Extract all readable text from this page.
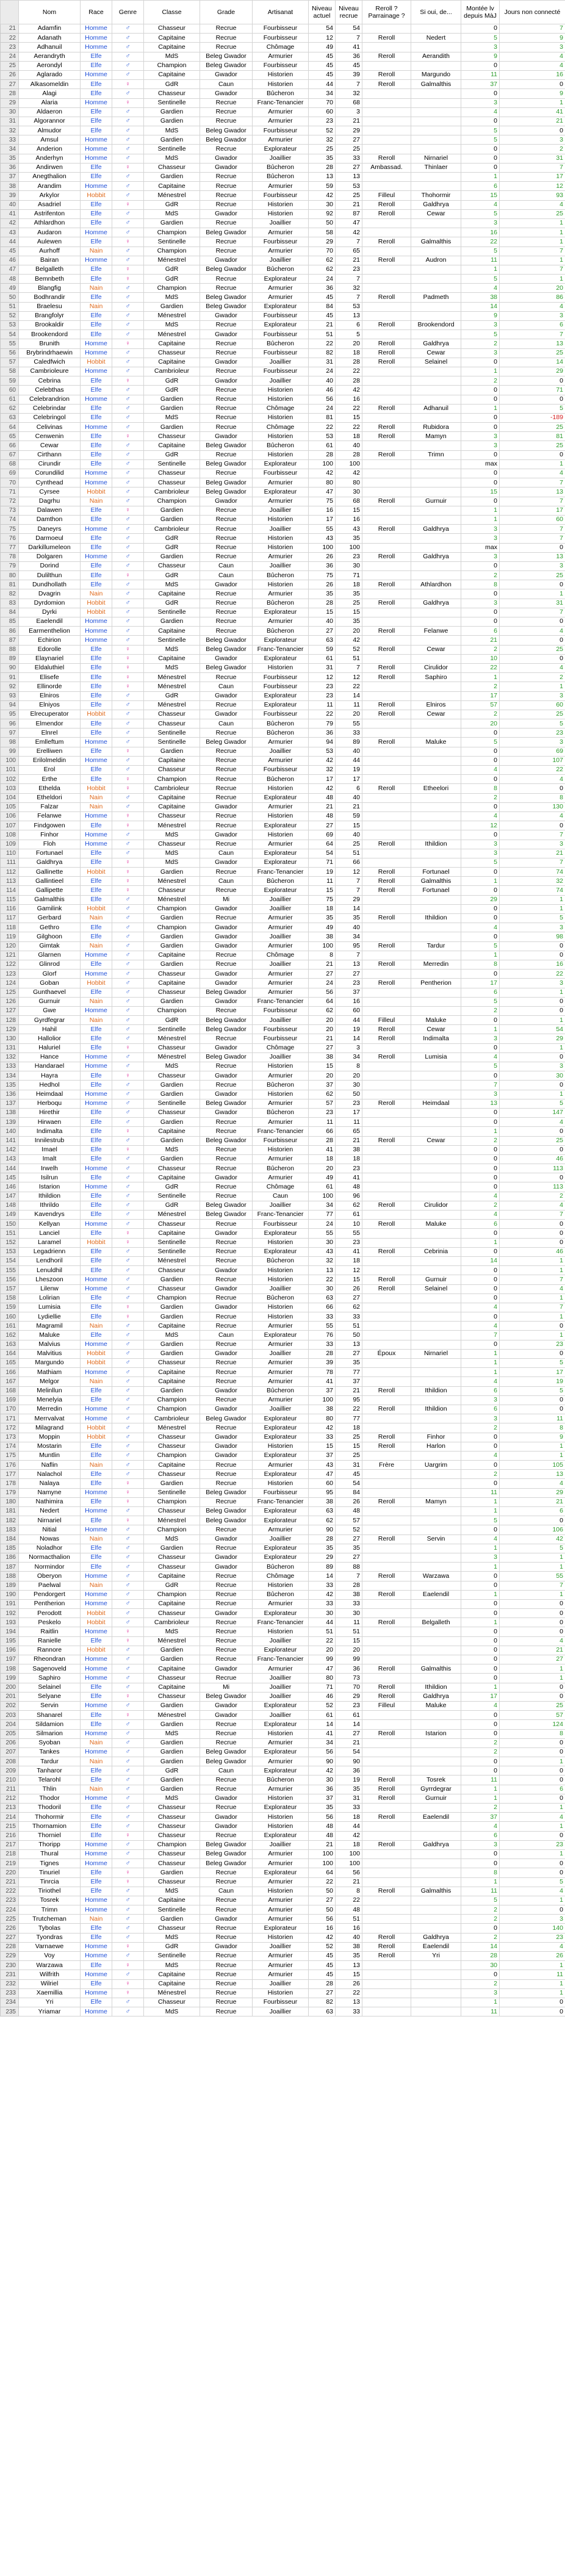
	Nom	Race	Genre	Classe	Grade	Artisanat	Niveau actuel	Niveau recrue	Reroll ? Parrainage ?	Si oui, de...	Montée lv depuis MàJ	Jours non connecté
21	Adamfin	Homme	♂	Chasseur	Recrue	Fourbisseur	54	54			0	7
22	Adanath	Homme	♂	Capitaine	Recrue	Fourbisseur	12	7	Reroll	Nedert	5	9
23	Adhanuil	Homme	♂	Capitaine	Recrue	Chômage	49	41			3	3
24	Aerandryth	Elfe	♂	MdS	Beleg Gwador	Armurier	45	36	Reroll	Aerandith	9	4
25	Aerondyl	Elfe	♂	Champion	Beleg Gwador	Fourbisseur	45	45			0	4
26	Aglarado	Homme	♂	Capitaine	Gwador	Historien	45	39	Reroll	Margundo	11	16
27	Alkasomeldin	Elfe	♀	GdR	Caun	Historien	44	7	Reroll	Galmalthis	37	0
28	Alagi	Elfe	♂	Chasseur	Gwador	Bûcheron	34	32			0	9
29	Alaria	Homme	♀	Sentinelle	Recrue	Franc-Tenancier	70	68			3	1
30	Aldaeron	Elfe	♂	Gardien	Recrue	Armurier	60	3			4	41
31	Algorannor	Elfe	♂	Gardien	Recrue	Armurier	23	21			0	21
32	Almudor	Elfe	♂	MdS	Beleg Gwador	Fourbisseur	52	29			5	0
33	Amsul	Homme	♂	Gardien	Beleg Gwador	Armurier	32	27			5	3
34	Anderion	Homme	♂	Sentinelle	Recrue	Explorateur	25	25			0	2
35	Anderhyn	Homme	♂	MdS	Gwador	Joaillier	35	33	Reroll	Nirnariel	0	31
36	Andirwen	Elfe	♀	Chasseur	Gwador	Bûcheron	28	27	Ambassad.	Thinlaer	0	7
37	Anegthalion	Elfe	♂	Gardien	Recrue	Bûcheron	13	13			1	17
38	Arandim	Homme	♂	Capitaine	Recrue	Armurier	59	53			6	12
39	Arkylor	Hobbit	♂	Ménestrel	Recrue	Fourbisseur	42	25	Filleul	Thohormir	15	93
40	Asadriel	Elfe	♀	GdR	Recrue	Historien	30	21	Reroll	Galdhrya	4	4
41	Astrifenton	Elfe	♂	MdS	Gwador	Historien	92	87	Reroll	Cewar	5	25
42	Athlardhon	Elfe	♂	Gardien	Recrue	Joaillier	50	47			3	1
43	Audaron	Homme	♂	Champion	Beleg Gwador	Armurier	58	42			16	1
44	Aulewen	Elfe	♀	Sentinelle	Recrue	Fourbisseur	29	7	Reroll	Galmalthis	22	1
45	Aurhoff	Nain	♂	Champion	Recrue	Armurier	70	65			5	7
46	Bairan	Homme	♂	Ménestrel	Gwador	Joaillier	62	21	Reroll	Audron	11	1
47	Belgalleth	Elfe	♀	GdR	Beleg Gwador	Bûcheron	62	23			1	7
48	Bemnbeth	Elfe	♀	GdR	Recrue	Explorateur	24	7			5	1
49	Blangfig	Nain	♂	Champion	Recrue	Armurier	36	32			4	20
50	Bodhrandir	Elfe	♂	MdS	Beleg Gwador	Armurier	45	7	Reroll	Padmeth	38	86
51	Braelesu	Nain	♂	Gardien	Beleg Gwador	Explorateur	84	53			14	4
52	Brangfolyr	Elfe	♂	Ménestrel	Gwador	Fourbisseur	45	13			9	3
53	Brookaldir	Elfe	♂	MdS	Recrue	Explorateur	21	6	Reroll	Brookendord	3	6
54	Brookendord	Elfe	♂	Ménestrel	Gwador	Fourbisseur	51	5			5	7
55	Brunith	Homme	♀	Capitaine	Recrue	Bûcheron	22	20	Reroll	Galdhrya	2	13
56	Brybrindrhaewin	Homme	♂	Chasseur	Recrue	Fourbisseur	82	18	Reroll	Cewar	3	25
57	Caledfwich	Hobbit	♂	Capitaine	Gwador	Joaillier	31	28	Reroll	Selainel	0	14
58	Cambrioleure	Homme	♂	Cambrioleur	Recrue	Fourbisseur	24	22			1	29
59	Cebrina	Elfe	♀	GdR	Gwador	Joaillier	40	28			2	0
60	Celebthas	Elfe	♂	GdR	Recrue	Historien	46	42			0	71
61	Celebrandrion	Homme	♂	Gardien	Recrue	Historien	56	16			0	0
62	Celebrindar	Elfe	♂	Gardien	Recrue	Chômage	24	22	Reroll	Adhanuil	1	5
63	Celebringol	Elfe	♂	MdS	Recrue	Historien	81	15			0	-189
64	Celivinas	Homme	♂	Gardien	Recrue	Chômage	22	22	Reroll	Rubidora	0	25
65	Cenwenin	Elfe	♀	Chasseur	Gwador	Historien	53	18	Reroll	Mamyn	3	81
66	Cewar	Elfe	♂	Capitaine	Beleg Gwador	Bûcheron	61	40			3	25
67	Cirthann	Elfe	♂	GdR	Recrue	Historien	28	28	Reroll	Trimn	0	0
68	Cirundir	Elfe	♂	Sentinelle	Beleg Gwador	Explorateur	100	100			max	1
69	Corundilid	Homme	♂	Chasseur	Recrue	Fourbisseur	42	42			0	4
70	Cynthead	Homme	♂	Chasseur	Beleg Gwador	Armurier	80	80			0	7
71	Cyrsee	Hobbit	♂	Cambrioleur	Beleg Gwador	Explorateur	47	30			15	13
72	Dagrhu	Nain	♂	Champion	Gwador	Armurier	75	68	Reroll	Gurnuir	0	7
73	Dalawen	Elfe	♀	Gardien	Recrue	Joaillier	16	15			1	17
74	Damthon	Elfe	♂	Gardien	Recrue	Historien	17	16			1	60
75	Daneyrs	Homme	♂	Cambrioleur	Recrue	Joaillier	55	43	Reroll	Galdhrya	3	7
76	Darmoeul	Elfe	♂	GdR	Recrue	Historien	43	35			3	7
77	Darkillumeleon	Elfe	♂	GdR	Recrue	Historien	100	100			max	0
78	Dolgaren	Homme	♂	Gardien	Recrue	Armurier	26	23	Reroll	Galdhrya	3	13
79	Dorind	Elfe	♂	Chasseur	Caun	Joaillier	36	30			0	3
80	Dulilthun	Elfe	♀	GdR	Caun	Bûcheron	75	71			2	25
81	Dundhollath	Elfe	♂	MdS	Gwador	Historien	26	18	Reroll	Athlardhon	8	0
82	Dvagrin	Nain	♂	Capitaine	Recrue	Armurier	35	35			0	1
83	Dyrdomion	Hobbit	♂	GdR	Recrue	Bûcheron	28	25	Reroll	Galdhrya	3	31
84	Dyrki	Hobbit	♂	Sentinelle	Recrue	Explorateur	15	15			0	7
85	Eaelendil	Homme	♂	Gardien	Recrue	Armurier	40	35			0	0
86	Earmenthelion	Homme	♂	Capitaine	Recrue	Bûcheron	27	20	Reroll	Felanwe	6	4
87	Echirion	Homme	♂	Sentinelle	Beleg Gwador	Explorateur	63	42			21	0
88	Edorolle	Elfe	♀	MdS	Beleg Gwador	Franc-Tenancier	59	52	Reroll	Cewar	2	25
89	Elaynariel	Elfe	♀	Capitaine	Gwador	Explorateur	61	51			10	0
90	Eldaluthiel	Elfe	♀	MdS	Beleg Gwador	Historien	31	7	Reroll	Cirulidor	22	4
91	Elisefe	Elfe	♀	Ménestrel	Recrue	Fourbisseur	12	12	Reroll	Saphiro	1	2
92	Ellinorde	Elfe	♀	Ménestrel	Caun	Fourbisseur	23	22			2	1
93	Elniros	Elfe	♂	GdR	Gwador	Explorateur	23	14			17	3
94	Elniyos	Elfe	♂	Ménestrel	Recrue	Explorateur	11	11	Reroll	Elniros	57	60
95	Elrecuperator	Hobbit	♂	Chasseur	Gwador	Fourbisseur	22	20	Reroll	Cewar	2	25
96	Elmendor	Elfe	♂	Chasseur	Caun	Bûcheron	79	55			20	5
97	Elnrel	Elfe	♂	Sentinelle	Recrue	Bûcheron	36	33			0	23
98	Emlleftum	Homme	♂	Sentinelle	Beleg Gwador	Armurier	94	89	Reroll	Maluke	5	3
99	Erelliwen	Elfe	♀	Gardien	Recrue	Joaillier	53	40			0	69
100	Erilolmeldin	Homme	♂	Capitaine	Recrue	Armurier	42	44			0	107
101	Erol	Elfe	♂	Chasseur	Recrue	Fourbisseur	32	19			4	22
102	Erthe	Elfe	♀	Champion	Recrue	Bûcheron	17	17			0	4
103	Ethelda	Hobbit	♀	Cambrioleur	Recrue	Historien	42	6	Reroll	Etheelori	8	0
104	Etheldori	Nain	♂	Capitaine	Recrue	Explorateur	48	40			2	8
105	Falzar	Nain	♂	Capitaine	Gwador	Armurier	21	21			0	130
106	Felanwe	Homme	♀	Chasseur	Recrue	Historien	48	59			4	4
107	Findgowen	Elfe	♀	Ménestrel	Recrue	Explorateur	27	15			12	0
108	Finhor	Homme	♂	MdS	Gwador	Historien	69	40			0	7
109	Floh	Homme	♂	Chasseur	Recrue	Armurier	64	25	Reroll	Ithildion	3	3
110	Fortunael	Elfe	♂	MdS	Caun	Explorateur	54	51			3	21
111	Galdhrya	Elfe	♀	MdS	Gwador	Explorateur	71	66			5	7
112	Gallinette	Hobbit	♀	Gardien	Recrue	Franc-Tenancier	19	12	Reroll	Fortunael	0	74
113	Gallintieel	Elfe	♀	Ménestrel	Caun	Bûcheron	11	7	Reroll	Galmalthis	1	32
114	Gallipette	Elfe	♀	Chasseur	Recrue	Explorateur	15	7	Reroll	Fortunael	0	74
115	Galmalthis	Elfe	♂	Ménestrel	Mi	Joaillier	75	29			29	1
116	Gamilink	Hobbit	♂	Champion	Gwador	Joaillier	18	14			0	1
117	Gerbard	Nain	♂	Gardien	Recrue	Armurier	35	35	Reroll	Ithildion	0	5
118	Gethro	Elfe	♂	Champion	Gwador	Armurier	49	40			4	3
119	Gilghoon	Elfe	♂	Gardien	Gwador	Joaillier	38	34			0	98
120	Gimtak	Nain	♂	Gardien	Gwador	Armurier	100	95	Reroll	Tardur	5	0
121	Glarnen	Homme	♂	Capitaine	Recrue	Chômage	8	7			1	0
122	Glinrod	Elfe	♂	Gardien	Recrue	Joaillier	21	13	Reroll	Merredin	8	16
123	Glorf	Homme	♂	Chasseur	Gwador	Armurier	27	27			0	22
124	Goban	Hobbit	♂	Capitaine	Gwador	Armurier	24	23	Reroll	Pentherion	17	3
125	Gunthaevel	Elfe	♂	Chasseur	Beleg Gwador	Armurier	56	37			6	1
126	Gurnuir	Nain	♂	Gardien	Gwador	Franc-Tenancier	64	16			5	0
127	Gwe	Homme	♂	Champion	Recrue	Fourbisseur	62	60			2	0
128	Gyrdfegrar	Nain	♂	GdR	Beleg Gwador	Joaillier	20	44	Filleul	Maluke	0	1
129	Hahil	Elfe	♂	Sentinelle	Beleg Gwador	Fourbisseur	20	19	Reroll	Cewar	1	54
130	Hallolior	Elfe	♂	Ménestrel	Recrue	Fourbisseur	21	14	Reroll	Indimalta	3	29
131	Haluriel	Elfe	♀	Chasseur	Gwador	Chômage	27	3			0	1
132	Hance	Homme	♂	Ménestrel	Beleg Gwador	Joaillier	38	34	Reroll	Lumisia	4	0
133	Handarael	Homme	♂	MdS	Recrue	Historien	15	8			5	3
134	Hayra	Elfe	♀	Chasseur	Gwador	Armurier	20	20			0	30
135	Hedhol	Elfe	♂	Gardien	Recrue	Bûcheron	37	30			7	0
136	Heimdaal	Homme	♂	Gardien	Gwador	Historien	62	50			3	1
137	Herboqu	Homme	♂	Sentinelle	Beleg Gwador	Armurier	57	23	Reroll	Heimdaal	13	5
138	Hirethir	Elfe	♂	Chasseur	Gwador	Bûcheron	23	17			0	147
139	Hirwaen	Elfe	♂	Gardien	Recrue	Armurier	11	11			0	4
140	Indimalta	Elfe	♀	Capitaine	Recrue	Franc-Tenancier	66	65			1	0
141	Innilestrub	Elfe	♂	Gardien	Beleg Gwador	Fourbisseur	28	21	Reroll	Cewar	2	25
142	Imael	Elfe	♀	MdS	Recrue	Historien	41	38			0	0
143	Imalt	Elfe	♂	Gardien	Recrue	Armurier	18	18			0	46
144	Irwelh	Homme	♂	Chasseur	Recrue	Bûcheron	20	23			0	113
145	Isilrun	Elfe	♂	Capitaine	Gwador	Armurier	49	41			0	0
146	Istarion	Homme	♂	GdR	Recrue	Chômage	61	48			0	113
147	Ithildion	Elfe	♂	Sentinelle	Recrue	Caun	100	96			4	2
148	Ithrildo	Elfe	♂	GdR	Beleg Gwador	Joaillier	34	62	Reroll	Cirulidor	2	4
149	Kavendrys	Elfe	♂	Ménestrel	Beleg Gwador	Franc-Tenancier	77	61			4	7
150	Kellyan	Homme	♂	Chasseur	Recrue	Fourbisseur	24	10	Reroll	Maluke	6	0
151	Lanciel	Elfe	♀	Capitaine	Gwador	Explorateur	55	55			0	0
152	Laramel	Hobbit	♀	Sentinelle	Recrue	Historien	30	23			1	0
153	Legadrienn	Elfe	♂	Sentinelle	Recrue	Explorateur	43	41	Reroll	Cebrinia	0	46
154	Lendhoril	Elfe	♂	Ménestrel	Recrue	Bûcheron	32	18			14	1
155	Lenuldhil	Elfe	♂	Chasseur	Gwador	Historien	13	12			0	1
156	Lheszoon	Homme	♂	Gardien	Recrue	Historien	22	15	Reroll	Gurnuir	0	7
157	Lilenw	Homme	♂	Chasseur	Gwador	Joaillier	30	26	Reroll	Selainel	0	4
158	Lolirian	Elfe	♂	Champion	Recrue	Bûcheron	63	27			0	1
159	Lumisia	Elfe	♀	Gardien	Gwador	Historien	66	62			4	7
160	Lydiellie	Elfe	♀	Gardien	Recrue	Historien	33	33			0	1
161	Magramil	Nain	♂	Capitaine	Recrue	Armurier	55	51			4	0
162	Maluke	Elfe	♂	MdS	Caun	Explorateur	76	50			7	1
163	Malvius	Homme	♂	Gardien	Recrue	Armurier	33	13			0	23
164	Malvitius	Hobbit	♂	Gardien	Gwador	Joaillier	28	27	Époux	Nirnariel	1	0
165	Margundo	Hobbit	♂	Chasseur	Recrue	Armurier	39	35			1	5
166	Mathiam	Homme	♂	Capitaine	Recrue	Armurier	78	77			1	17
167	Melgor	Nain	♂	Capitaine	Recrue	Armurier	41	37			4	19
168	Melinllun	Elfe	♂	Gardien	Gwador	Bûcheron	37	21	Reroll	Ithildion	6	5
169	Menelyia	Elfe	♂	Champion	Recrue	Armurier	100	95			3	0
170	Merredin	Homme	♂	Champion	Gwador	Joaillier	38	22	Reroll	Ithildion	6	0
171	Merrvalvat	Homme	♂	Cambrioleur	Beleg Gwador	Explorateur	80	77			3	11
172	Milagrand	Hobbit	♂	Ménestrel	Recrue	Explorateur	42	18			2	8
173	Moppin	Hobbit	♂	Chasseur	Gwador	Explorateur	33	25	Reroll	Finhor	0	9
174	Mostarin	Elfe	♂	Chasseur	Gwador	Historien	15	15	Reroll	Harlon	0	1
175	Muntlin	Elfe	♂	Champion	Gwador	Explorateur	37	25			4	1
176	Naflin	Nain	♂	Capitaine	Recrue	Armurier	43	31	Frère	Uargrim	0	105
177	Nalachol	Elfe	♂	Chasseur	Recrue	Explorateur	47	45			2	13
178	Nalaya	Elfe	♀	Gardien	Recrue	Historien	60	54			0	4
179	Namyne	Homme	♀	Sentinelle	Beleg Gwador	Fourbisseur	95	84			11	29
180	Nathimira	Elfe	♀	Champion	Recrue	Franc-Tenancier	38	26	Reroll	Mamyn	1	21
181	Nedert	Homme	♂	Chasseur	Beleg Gwador	Explorateur	63	48			1	6
182	Nirnariel	Elfe	♀	Ménestrel	Beleg Gwador	Explorateur	62	57			5	0
183	Nitial	Homme	♂	Champion	Recrue	Armurier	90	52			0	106
184	Nowas	Nain	♂	MdS	Gwador	Joaillier	28	27	Reroll	Servin	4	42
185	Noladhor	Elfe	♂	Gardien	Recrue	Explorateur	35	35			1	5
186	Normacthalion	Elfe	♂	Chasseur	Gwador	Explorateur	29	27			3	1
187	Normindor	Elfe	♂	Chasseur	Gwador	Bûcheron	89	88			1	1
188	Oberyon	Homme	♂	Capitaine	Recrue	Chômage	14	7	Reroll	Warzawa	0	55
189	Paelwal	Nain	♂	GdR	Recrue	Historien	33	28			0	7
190	Pendorgert	Homme	♂	Champion	Recrue	Bûcheron	42	38	Reroll	Eaelendil	1	1
191	Pentherion	Homme	♂	Capitaine	Recrue	Armurier	33	33			0	0
192	Perodott	Hobbit	♂	Chasseur	Gwador	Explorateur	30	30			0	0
193	Peskelo	Hobbit	♂	Cambrioleur	Recrue	Franc-Tenancier	44	11	Reroll	Belgalleth	1	0
194	Raitlin	Homme	♀	MdS	Recrue	Historien	51	51			0	0
195	Ranielle	Elfe	♀	Ménestrel	Recrue	Joaillier	22	15			0	4
196	Rannore	Hobbit	♂	Gardien	Recrue	Explorateur	20	20			0	21
197	Rheondran	Homme	♂	Gardien	Recrue	Franc-Tenancier	99	99			0	27
198	Sagenoveld	Homme	♂	Capitaine	Gwador	Armurier	47	36	Reroll	Galmalthis	0	1
199	Saphiro	Homme	♂	Chasseur	Recrue	Joaillier	80	73			0	1
200	Selainel	Elfe	♂	Capitaine	Mi	Joaillier	71	70	Reroll	Ithildion	1	0
201	Selyane	Elfe	♀	Chasseur	Beleg Gwador	Joaillier	46	29	Reroll	Galdhrya	17	0
202	Servin	Homme	♂	Gardien	Gwador	Explorateur	52	23	Filleul	Maluke	4	25
203	Shanarel	Elfe	♀	Ménestrel	Gwador	Joaillier	61	61			0	57
204	Sildamion	Elfe	♂	Gardien	Recrue	Explorateur	14	14			0	124
205	Silmarion	Homme	♂	MdS	Recrue	Historien	41	27	Reroll	Istarion	0	8
206	Syoban	Nain	♂	Gardien	Recrue	Armurier	34	21			2	0
207	Tankes	Homme	♂	Gardien	Beleg Gwador	Explorateur	56	54			2	0
208	Tardur	Nain	♂	Gardien	Beleg Gwador	Armurier	90	90			0	1
209	Tanharor	Elfe	♂	GdR	Caun	Explorateur	42	36			0	0
210	Telarohl	Elfe	♂	Gardien	Recrue	Bûcheron	30	19	Reroll	Tosrek	11	0
211	Thlin	Nain	♂	Gardien	Recrue	Armurier	36	35	Reroll	Gyrrdegrar	1	6
212	Thodor	Homme	♂	MdS	Gwador	Historien	37	31	Reroll	Gurnuir	1	0
213	Thodoril	Elfe	♂	Chasseur	Recrue	Explorateur	35	33			2	1
214	Thohormir	Elfe	♂	Chasseur	Gwador	Historien	56	18	Reroll	Eaelendil	37	4
215	Thornamion	Elfe	♂	Chasseur	Gwador	Historien	48	44			4	1
216	Thorniel	Elfe	♀	Chasseur	Recrue	Explorateur	48	42			6	0
217	Thoripp	Homme	♂	Champion	Beleg Gwador	Joaillier	21	18	Reroll	Galdhrya	3	23
218	Thural	Homme	♂	Chasseur	Beleg Gwador	Armurier	100	100			0	1
219	Tignes	Homme	♂	Chasseur	Beleg Gwador	Armurier	100	100			0	0
220	Tinuriel	Elfe	♀	Gardien	Recrue	Explorateur	64	56			8	0
221	Tinrcia	Elfe	♀	Chasseur	Recrue	Armurier	22	21			1	5
222	Tiriothel	Elfe	♂	MdS	Caun	Historien	50	8	Reroll	Galmalthis	11	4
223	Tosrek	Homme	♂	Capitaine	Recrue	Armurier	27	22			5	1
224	Trimn	Homme	♂	Sentinelle	Recrue	Armurier	50	48			2	0
225	Trutcheman	Nain	♂	Gardien	Gwador	Armurier	56	51			2	3
226	Tybolas	Elfe	♂	Chasseur	Recrue	Explorateur	16	16			0	140
227	Tyondras	Elfe	♂	MdS	Recrue	Historien	42	40	Reroll	Galdhrya	2	23
228	Varnaewe	Homme	♀	GdR	Gwador	Joaillier	52	38	Reroll	Eaelendil	14	4
229	Voy	Homme	♂	Sentinelle	Recrue	Armurier	45	35	Reroll	Yri	28	26
230	Warzawa	Elfe	♀	MdS	Recrue	Armurier	45	13			30	1
231	Wilfrith	Homme	♂	Capitaine	Recrue	Armurier	45	15			0	11
232	Wilriel	Elfe	♀	Capitaine	Recrue	Joaillier	28	26			2	1
233	Xaemillia	Homme	♀	Ménestrel	Recrue	Historien	27	22			3	1
234	Yri	Elfe	♂	Chasseur	Recrue	Fourbisseur	82	13			1	0
235	Yriamar	Homme	♂	MdS	Recrue	Joaillier	63	33			11	0
